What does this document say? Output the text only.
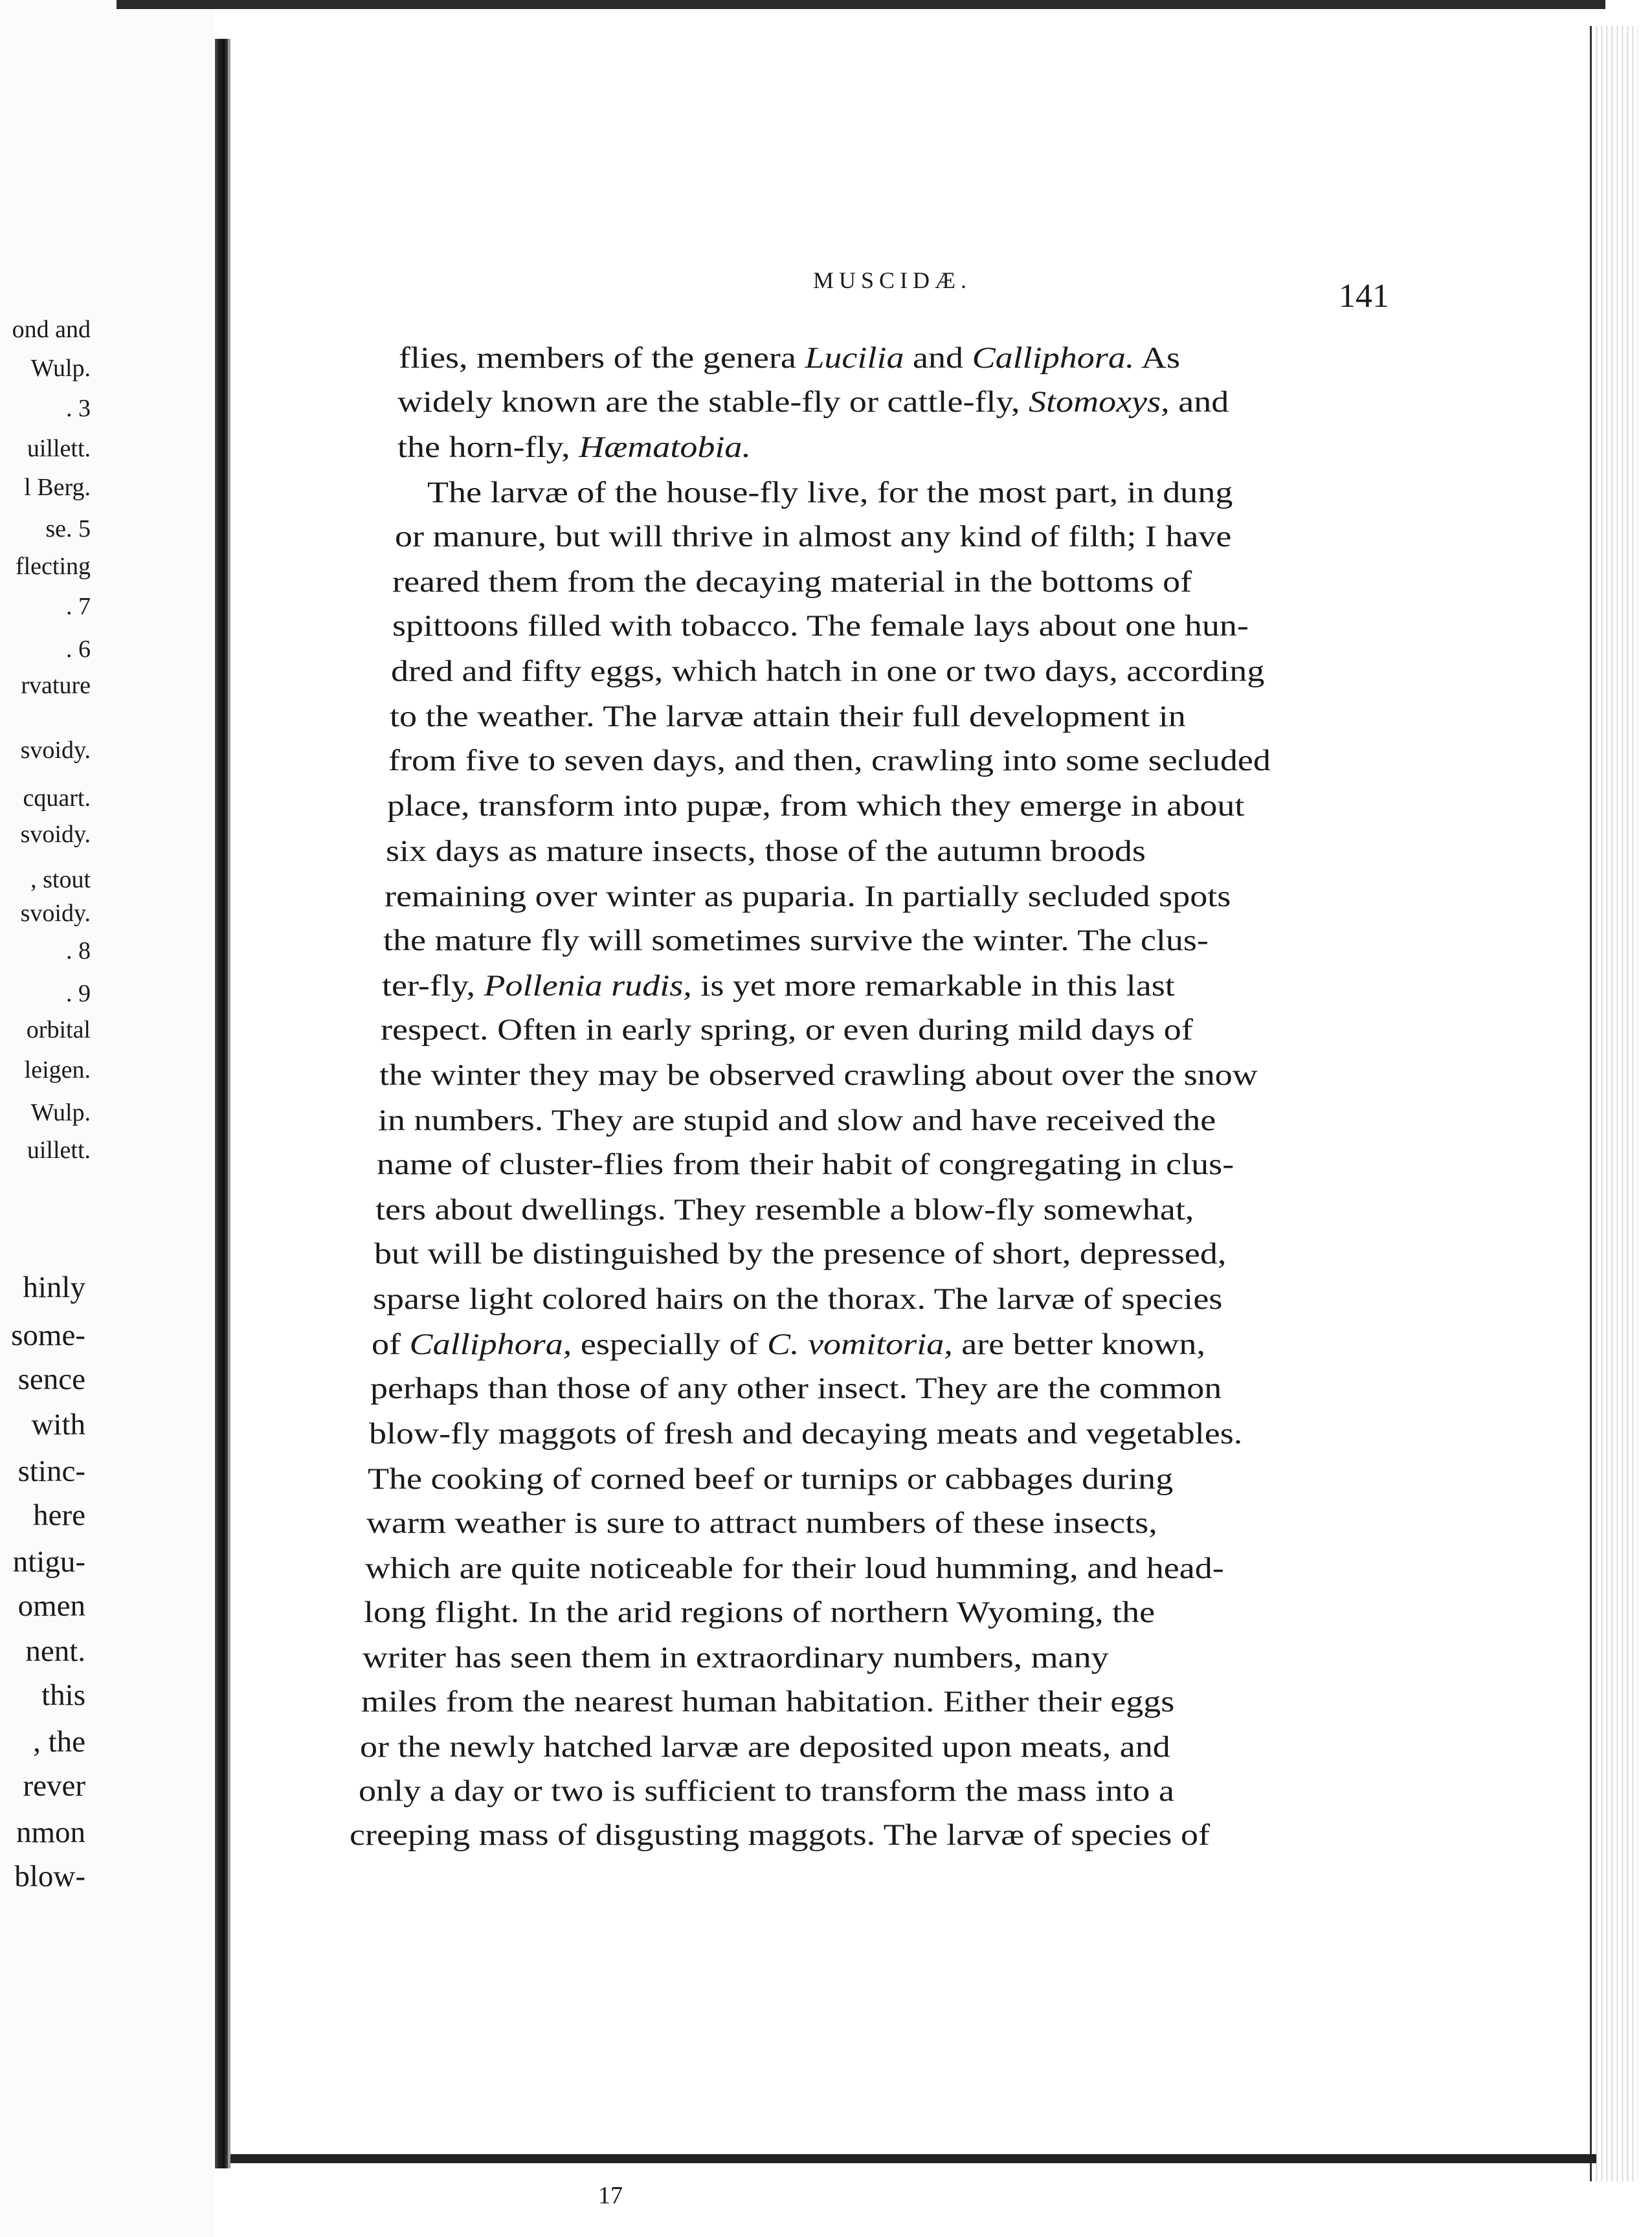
ond and
Wulp.
. 3
uillett.
l Berg.
se. 5
flecting
. 7
. 6
rvature
svoidy.
cquart.
svoidy.
, stout
svoidy.
. 8
. 9
orbital
leigen.
Wulp.
uillett.
hinly
some-
sence
with
stinc-
here
ntigu-
omen
nent.
this
, the
rever
nmon
blow-
MUSCIDÆ.	141
flies, members of the genera Lucilia and Calliphora. As
widely known are the stable-fly or cattle-fly, Stomoxys, and
the horn-fly, Hæmatobia.
The larvæ of the house-fly live, for the most part, in dung
or manure, but will thrive in almost any kind of filth; I have
reared them from the decaying material in the bottoms of
spittoons filled with tobacco. The female lays about one hun-
dred and fifty eggs, which hatch in one or two days, according
to the weather. The larvæ attain their full development in
from five to seven days, and then, crawling into some secluded
place, transform into pupæ, from which they emerge in about
six days as mature insects, those of the autumn broods
remaining over winter as puparia. In partially secluded spots
the mature fly will sometimes survive the winter. The clus-
ter-fly, Pollenia rudis, is yet more remarkable in this last
respect. Often in early spring, or even during mild days of
the winter they may be observed crawling about over the snow
in numbers. They are stupid and slow and have received the
name of cluster-flies from their habit of congregating in clus-
ters about dwellings. They resemble a blow-fly somewhat,
but will be distinguished by the presence of short, depressed,
sparse light colored hairs on the thorax. The larvæ of species
of Calliphora, especially of C. vomitoria, are better known,
perhaps than those of any other insect. They are the common
blow-fly maggots of fresh and decaying meats and vegetables.
The cooking of corned beef or turnips or cabbages during
warm weather is sure to attract numbers of these insects,
which are quite noticeable for their loud humming, and head-
long flight. In the arid regions of northern Wyoming, the
writer has seen them in extraordinary numbers, many
miles from the nearest human habitation. Either their eggs
or the newly hatched larvæ are deposited upon meats, and
only a day or two is sufficient to transform the mass into a
creeping mass of disgusting maggots. The larvæ of species of
17
